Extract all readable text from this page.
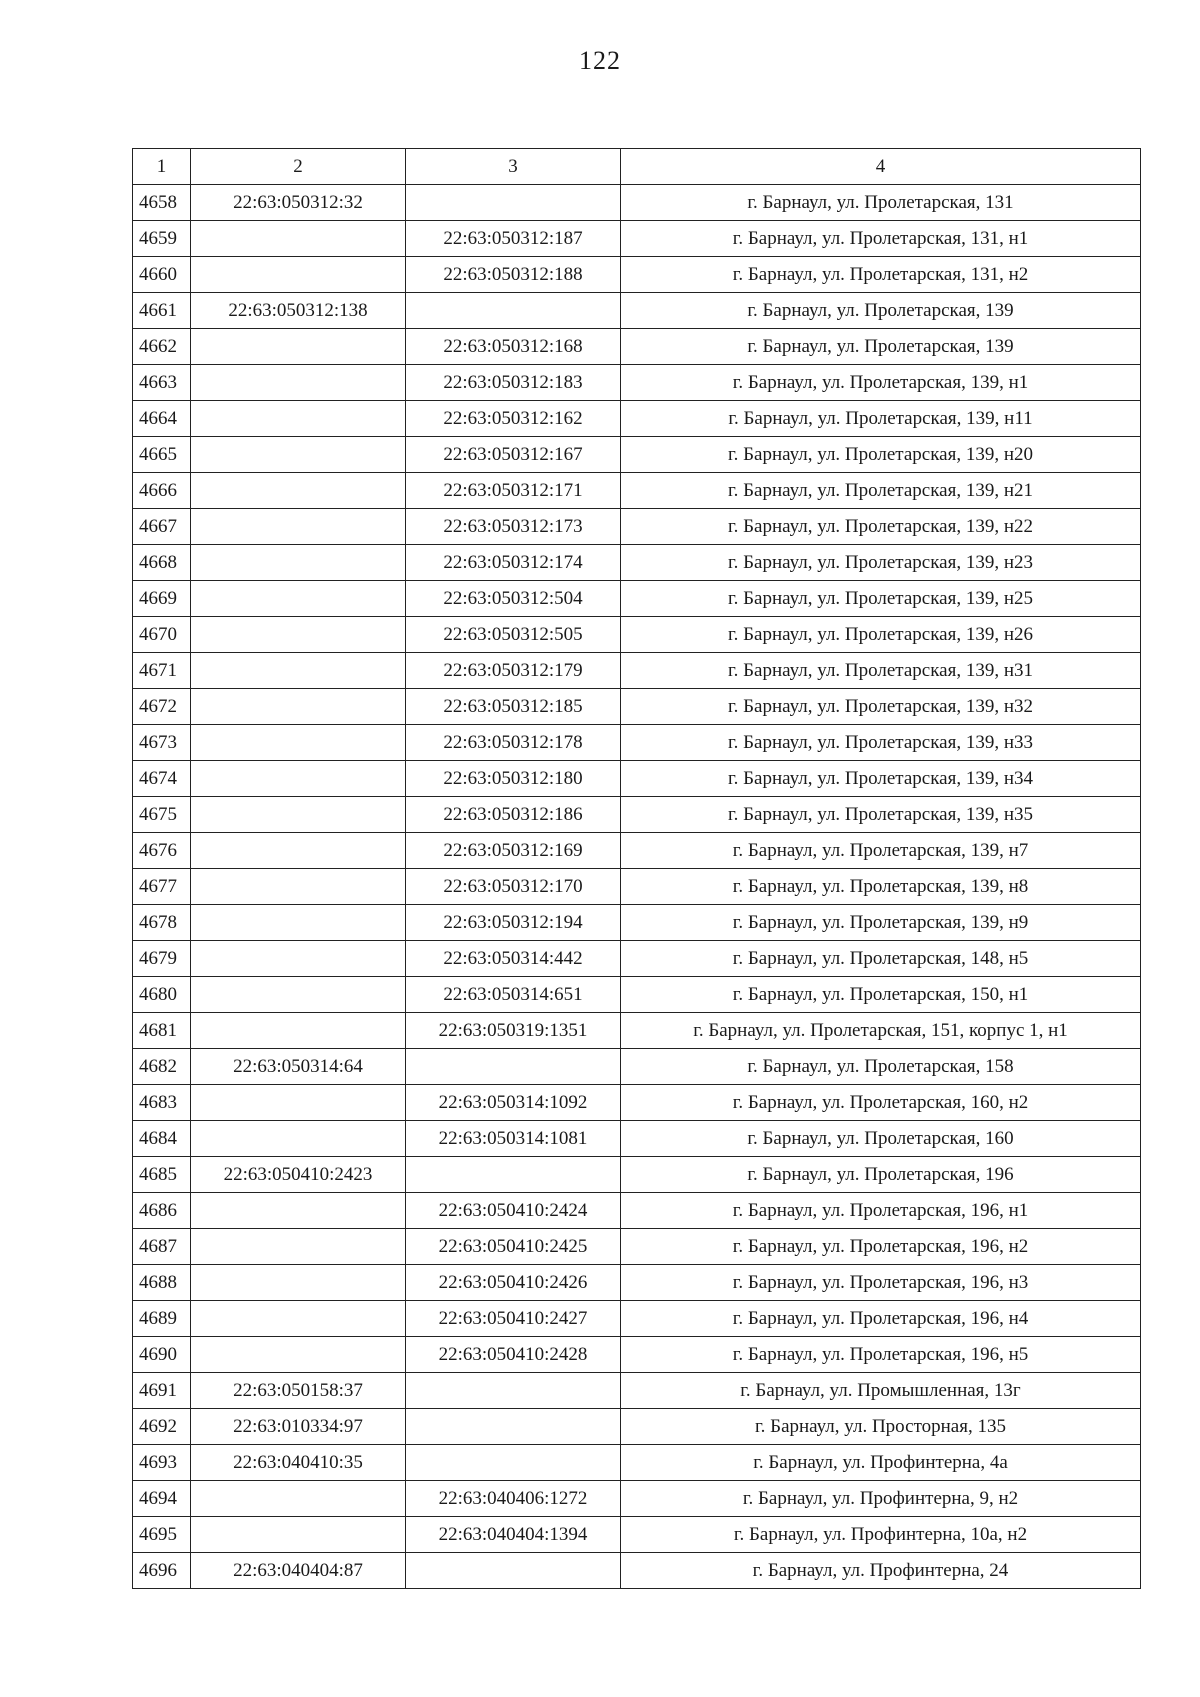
122
1	2	3	4
4658	22:63:050312:32		г. Барнаул, ул. Пролетарская, 131
4659		22:63:050312:187	г. Барнаул, ул. Пролетарская, 131, н1
4660		22:63:050312:188	г. Барнаул, ул. Пролетарская, 131, н2
4661	22:63:050312:138		г. Барнаул, ул. Пролетарская, 139
4662		22:63:050312:168	г. Барнаул, ул. Пролетарская, 139
4663		22:63:050312:183	г. Барнаул, ул. Пролетарская, 139, н1
4664		22:63:050312:162	г. Барнаул, ул. Пролетарская, 139, н11
4665		22:63:050312:167	г. Барнаул, ул. Пролетарская, 139, н20
4666		22:63:050312:171	г. Барнаул, ул. Пролетарская, 139, н21
4667		22:63:050312:173	г. Барнаул, ул. Пролетарская, 139, н22
4668		22:63:050312:174	г. Барнаул, ул. Пролетарская, 139, н23
4669		22:63:050312:504	г. Барнаул, ул. Пролетарская, 139, н25
4670		22:63:050312:505	г. Барнаул, ул. Пролетарская, 139, н26
4671		22:63:050312:179	г. Барнаул, ул. Пролетарская, 139, н31
4672		22:63:050312:185	г. Барнаул, ул. Пролетарская, 139, н32
4673		22:63:050312:178	г. Барнаул, ул. Пролетарская, 139, н33
4674		22:63:050312:180	г. Барнаул, ул. Пролетарская, 139, н34
4675		22:63:050312:186	г. Барнаул, ул. Пролетарская, 139, н35
4676		22:63:050312:169	г. Барнаул, ул. Пролетарская, 139, н7
4677		22:63:050312:170	г. Барнаул, ул. Пролетарская, 139, н8
4678		22:63:050312:194	г. Барнаул, ул. Пролетарская, 139, н9
4679		22:63:050314:442	г. Барнаул, ул. Пролетарская, 148, н5
4680		22:63:050314:651	г. Барнаул, ул. Пролетарская, 150, н1
4681		22:63:050319:1351	г. Барнаул, ул. Пролетарская, 151, корпус 1, н1
4682	22:63:050314:64		г. Барнаул, ул. Пролетарская, 158
4683		22:63:050314:1092	г. Барнаул, ул. Пролетарская, 160, н2
4684		22:63:050314:1081	г. Барнаул, ул. Пролетарская, 160
4685	22:63:050410:2423		г. Барнаул, ул. Пролетарская, 196
4686		22:63:050410:2424	г. Барнаул, ул. Пролетарская, 196, н1
4687		22:63:050410:2425	г. Барнаул, ул. Пролетарская, 196, н2
4688		22:63:050410:2426	г. Барнаул, ул. Пролетарская, 196, н3
4689		22:63:050410:2427	г. Барнаул, ул. Пролетарская, 196, н4
4690		22:63:050410:2428	г. Барнаул, ул. Пролетарская, 196, н5
4691	22:63:050158:37		г. Барнаул, ул. Промышленная, 13г
4692	22:63:010334:97		г. Барнаул, ул. Просторная, 135
4693	22:63:040410:35		г. Барнаул, ул. Профинтерна, 4а
4694		22:63:040406:1272	г. Барнаул, ул. Профинтерна, 9, н2
4695		22:63:040404:1394	г. Барнаул, ул. Профинтерна, 10а, н2
4696	22:63:040404:87		г. Барнаул, ул. Профинтерна, 24
